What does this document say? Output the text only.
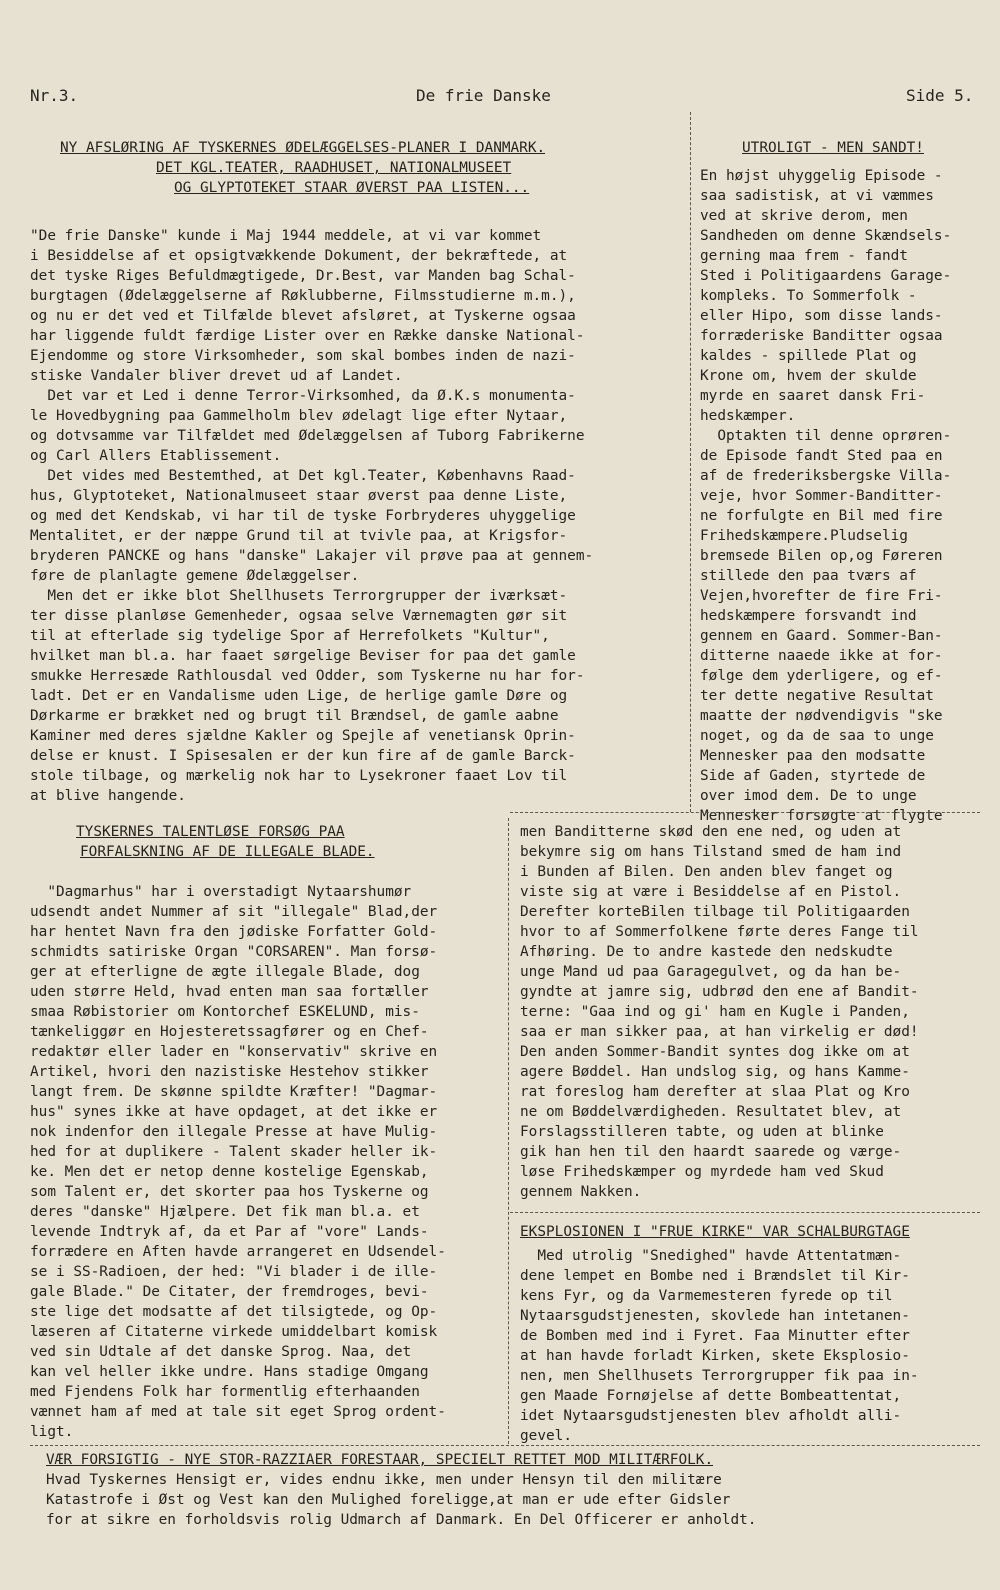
Nr.3.	De frie Danske	Side 5.
NY AFSLØRING AF TYSKERNES ØDELÆGGELSES-PLANER I DANMARK.
DET KGL.TEATER, RAADHUSET, NATIONALMUSEET
OG GLYPTOTEKET STAAR ØVERST PAA LISTEN...
"De frie Danske" kunde i Maj 1944 meddele, at vi var kommet
i Besiddelse af et opsigtvækkende Dokument, der bekræftede, at
det tyske Riges Befuldmægtigede, Dr.Best, var Manden bag Schal-
burgtagen (Ødelæggelserne af Røklubberne, Filmsstudierne m.m.),
og nu er det ved et Tilfælde blevet afsløret, at Tyskerne ogsaa
har liggende fuldt færdige Lister over en Række danske National-
Ejendomme og store Virksomheder, som skal bombes inden de nazi-
stiske Vandaler bliver drevet ud af Landet.
Det var et Led i denne Terror-Virksomhed, da Ø.K.s monumenta-
le Hovedbygning paa Gammelholm blev ødelagt lige efter Nytaar,
og dotvsamme var Tilfældet med Ødelæggelsen af Tuborg Fabrikerne
og Carl Allers Etablissement.
Det vides med Bestemthed, at Det kgl.Teater, Københavns Raad-
hus, Glyptoteket, Nationalmuseet staar øverst paa denne Liste,
og med det Kendskab, vi har til de tyske Forbryderes uhyggelige
Mentalitet, er der næppe Grund til at tvivle paa, at Krigsfor-
bryderen PANCKE og hans "danske" Lakajer vil prøve paa at gennem-
føre de planlagte gemene Ødelæggelser.
Men det er ikke blot Shellhusets Terrorgrupper der iværksæt-
ter disse planløse Gemenheder, ogsaa selve Værnemagten gør sit
til at efterlade sig tydelige Spor af Herrefolkets "Kultur",
hvilket man bl.a. har faaet sørgelige Beviser for paa det gamle
smukke Herresæde Rathlousdal ved Odder, som Tyskerne nu har for-
ladt. Det er en Vandalisme uden Lige, de herlige gamle Døre og
Dørkarme er brækket ned og brugt til Brændsel, de gamle aabne
Kaminer med deres sjældne Kakler og Spejle af venetiansk Oprin-
delse er knust. I Spisesalen er der kun fire af de gamle Barck-
stole tilbage, og mærkelig nok har to Lysekroner faaet Lov til
at blive hangende.
TYSKERNES TALENTLØSE FORSØG PAA
FORFALSKNING AF DE ILLEGALE BLADE.
"Dagmarhus" har i overstadigt Nytaarshumør
udsendt andet Nummer af sit "illegale" Blad,der
har hentet Navn fra den jødiske Forfatter Gold-
schmidts satiriske Organ "CORSAREN". Man forsø-
ger at efterligne de ægte illegale Blade, dog
uden større Held, hvad enten man saa fortæller
smaa Røbistorier om Kontorchef ESKELUND, mis-
tænkeliggør en Hojesteretssagfører og en Chef-
redaktør eller lader en "konservativ" skrive en
Artikel, hvori den nazistiske Hestehov stikker
langt frem. De skønne spildte Kræfter! "Dagmar-
hus" synes ikke at have opdaget, at det ikke er
nok indenfor den illegale Presse at have Mulig-
hed for at duplikere - Talent skader heller ik-
ke. Men det er netop denne kostelige Egenskab,
som Talent er, det skorter paa hos Tyskerne og
deres "danske" Hjælpere. Det fik man bl.a. et
levende Indtryk af, da et Par af "vore" Lands-
forrædere en Aften havde arrangeret en Udsendel-
se i SS-Radioen, der hed: "Vi blader i de ille-
gale Blade." De Citater, der fremdroges, bevi-
ste lige det modsatte af det tilsigtede, og Op-
læseren af Citaterne virkede umiddelbart komisk
ved sin Udtale af det danske Sprog. Naa, det
kan vel heller ikke undre. Hans stadige Omgang
med Fjendens Folk har formentlig efterhaanden
vænnet ham af med at tale sit eget Sprog ordent-
ligt.
UTROLIGT - MEN SANDT!
En højst uhyggelig Episode -
saa sadistisk, at vi væmmes
ved at skrive derom, men
Sandheden om denne Skændsels-
gerning maa frem - fandt
Sted i Politigaardens Garage-
kompleks. To Sommerfolk -
eller Hipo, som disse lands-
forræderiske Banditter ogsaa
kaldes - spillede Plat og
Krone om, hvem der skulde
myrde en saaret dansk Fri-
hedskæmper.
Optakten til denne oprøren-
de Episode fandt Sted paa en
af de frederiksbergske Villa-
veje, hvor Sommer-Banditter-
ne forfulgte en Bil med fire
Frihedskæmpere.Pludselig
bremsede Bilen op,og Føreren
stillede den paa tværs af
Vejen,hvorefter de fire Fri-
hedskæmpere forsvandt ind
gennem en Gaard. Sommer-Ban-
ditterne naaede ikke at for-
følge dem yderligere, og ef-
ter dette negative Resultat
maatte der nødvendigvis "ske
noget, og da de saa to unge
Mennesker paa den modsatte
Side af Gaden, styrtede de
over imod dem. De to unge
Mennesker forsøgte at flygte
men Banditterne skød den ene ned, og uden at
bekymre sig om hans Tilstand smed de ham ind
i Bunden af Bilen. Den anden blev fanget og
viste sig at være i Besiddelse af en Pistol.
Derefter korteBilen tilbage til Politigaarden
hvor to af Sommerfolkene førte deres Fange til
Afhøring. De to andre kastede den nedskudte
unge Mand ud paa Garagegulvet, og da han be-
gyndte at jamre sig, udbrød den ene af Bandit-
terne: "Gaa ind og gi' ham en Kugle i Panden,
saa er man sikker paa, at han virkelig er død!
Den anden Sommer-Bandit syntes dog ikke om at
agere Bøddel. Han undslog sig, og hans Kamme-
rat foreslog ham derefter at slaa Plat og Kro
ne om Bøddelværdigheden. Resultatet blev, at
Forslagsstilleren tabte, og uden at blinke
gik han hen til den haardt saarede og værge-
løse Frihedskæmper og myrdede ham ved Skud
gennem Nakken.
EKSPLOSIONEN I "FRUE KIRKE" VAR SCHALBURGTAGE
Med utrolig "Snedighed" havde Attentatmæn-
dene lempet en Bombe ned i Brændslet til Kir-
kens Fyr, og da Varmemesteren fyrede op til
Nytaarsgudstjenesten, skovlede han intetanen-
de Bomben med ind i Fyret. Faa Minutter efter
at han havde forladt Kirken, skete Eksplosio-
nen, men Shellhusets Terrorgrupper fik paa in-
gen Maade Fornøjelse af dette Bombeattentat,
idet Nytaarsgudstjenesten blev afholdt alli-
gevel.
VÆR FORSIGTIG - NYE STOR-RAZZIAER FORESTAAR, SPECIELT RETTET MOD MILITÆRFOLK.
Hvad Tyskernes Hensigt er, vides endnu ikke, men under Hensyn til den militære
Katastrofe i Øst og Vest kan den Mulighed foreligge,at man er ude efter Gidsler
for at sikre en forholdsvis rolig Udmarch af Danmark. En Del Officerer er anholdt.
